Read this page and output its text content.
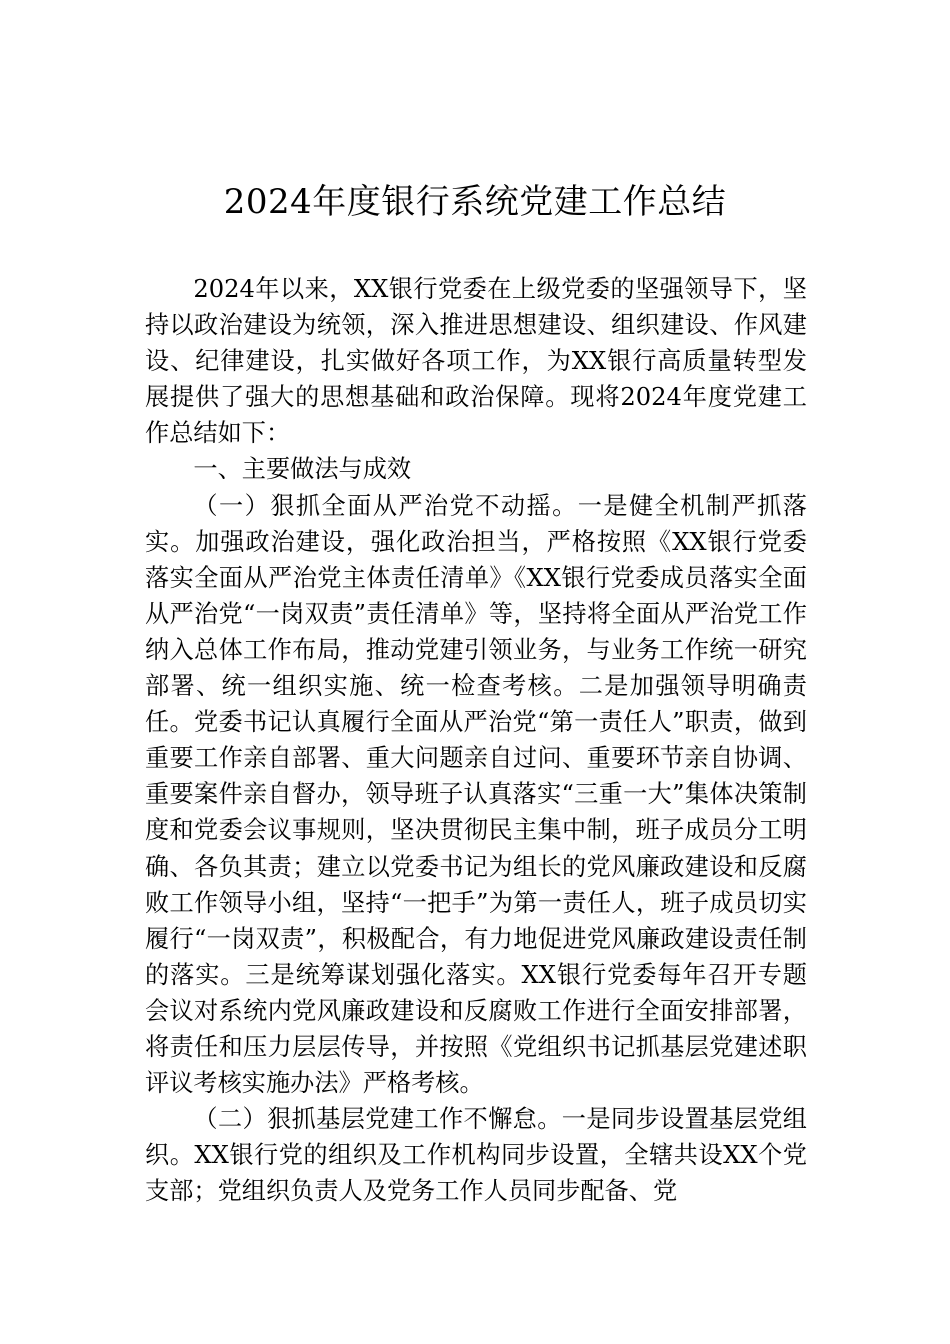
2024年度银行系统党建工作总结

2024年以来，XX银行党委在上级党委的坚强领导下，坚持以政治建设为统领，深入推进思想建设、组织建设、作风建设、纪律建设，扎实做好各项工作，为XX银行高质量转型发展提供了强大的思想基础和政治保障。现将2024年度党建工作总结如下：

一、主要做法与成效

（一）狠抓全面从严治党不动摇。一是健全机制严抓落实。加强政治建设，强化政治担当，严格按照《XX银行党委落实全面从严治党主体责任清单》《XX银行党委成员落实全面从严治党“一岗双责”责任清单》等，坚持将全面从严治党工作纳入总体工作布局，推动党建引领业务，与业务工作统一研究部署、统一组织实施、统一检查考核。二是加强领导明确责任。党委书记认真履行全面从严治党“第一责任人”职责，做到重要工作亲自部署、重大问题亲自过问、重要环节亲自协调、重要案件亲自督办，领导班子认真落实“三重一大”集体决策制度和党委会议事规则，坚决贯彻民主集中制，班子成员分工明确、各负其责；建立以党委书记为组长的党风廉政建设和反腐败工作领导小组，坚持“一把手”为第一责任人，班子成员切实履行“一岗双责”，积极配合，有力地促进党风廉政建设责任制的落实。三是统筹谋划强化落实。XX银行党委每年召开专题会议对系统内党风廉政建设和反腐败工作进行全面安排部署，将责任和压力层层传导，并按照《党组织书记抓基层党建述职评议考核实施办法》严格考核。

（二）狠抓基层党建工作不懈怠。一是同步设置基层党组织。XX银行党的组织及工作机构同步设置，全辖共设XX个党支部；党组织负责人及党务工作人员同步配备、党
